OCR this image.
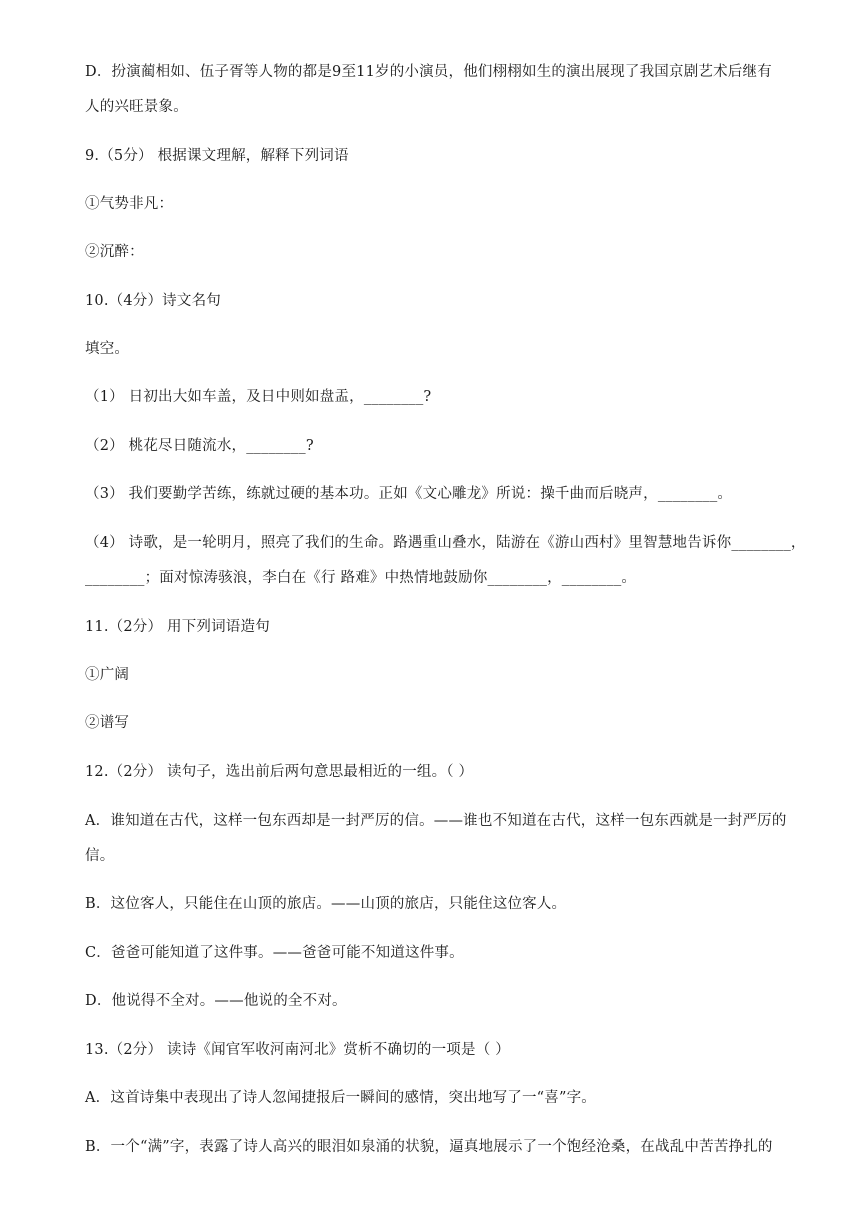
D．扮演蔺相如、伍子胥等人物的都是9至11岁的小演员，他们栩栩如生的演出展现了我国京剧艺术后继有
人的兴旺景象。
9.（5分） 根据课文理解，解释下列词语
①气势非凡：
②沉醉：
10.（4分）诗文名句
填空。
（1） 日初出大如车盖，及日中则如盘盂，________?
（2） 桃花尽日随流水，________?
（3） 我们要勤学苦练，练就过硬的基本功。正如《文心雕龙》所说：操千曲而后晓声，________。
（4） 诗歌，是一轮明月，照亮了我们的生命。路遇重山叠水，陆游在《游山西村》里智慧地告诉你________，
________；面对惊涛骇浪，李白在《行 路难》中热情地鼓励你________，________。
11.（2分） 用下列词语造句
①广阔
②谱写
12.（2分） 读句子，选出前后两句意思最相近的一组。（ ）
A．谁知道在古代，这样一包东西却是一封严厉的信。——谁也不知道在古代，这样一包东西就是一封严厉的
信。
B．这位客人，只能住在山顶的旅店。——山顶的旅店，只能住这位客人。
C．爸爸可能知道了这件事。——爸爸可能不知道这件事。
D．他说得不全对。——他说的全不对。
13.（2分） 读诗《闻官军收河南河北》赏析不确切的一项是（ ）
A．这首诗集中表现出了诗人忽闻捷报后一瞬间的感情，突出地写了一“喜”字。
B．一个“满”字，表露了诗人高兴的眼泪如泉涌的状貌，逼真地展示了一个饱经沧桑，在战乱中苦苦挣扎的
